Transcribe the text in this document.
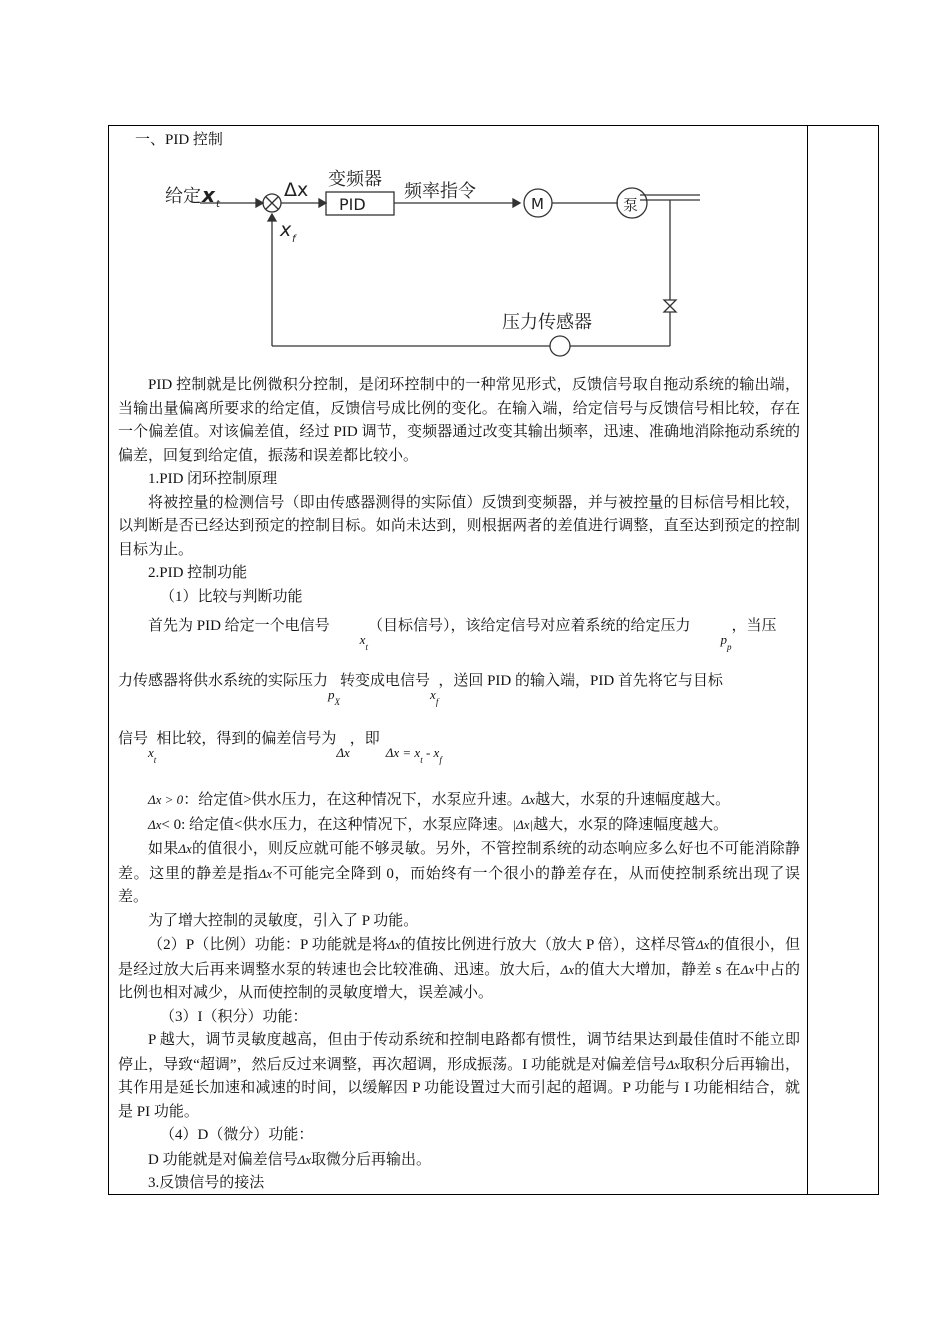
一、PID 控制
给定 x t
Δx 变频器
PID
频率指令
M	泵
x f
压力传感器

PID 控制就是比例微积分控制，是闭环控制中的一种常见形式，反馈信号取自拖动系统的输出端，当输出量偏离所要求的给定值，反馈信号成比例的变化。在输入端，给定信号与反馈信号相比较，存在一个偏差值。对该偏差值，经过 PID 调节，变频器通过改变其输出频率，迅速、准确地消除拖动系统的偏差，回复到给定值，振荡和误差都比较小。

1.PID 闭环控制原理

将被控量的检测信号（即由传感器测得的实际值）反馈到变频器，并与被控量的目标信号相比较，以判断是否已经达到预定的控制目标。如尚未达到，则根据两者的差值进行调整，直至达到预定的控制目标为止。

2.PID 控制功能

（1）比较与判断功能

首先为 PID 给定一个电信号$x_t$（目标信号），该给定信号对应着系统的给定压力$p_p$，当压

力传感器将供水系统的实际压力$p_X$转变成电信号$x_f$，送回 PID 的输入端，PID 首先将它与目标

信号$x_t$相比较，得到的偏差信号为Δx，即$\Delta x = x_t - x_f$

Δx > 0：给定值>供水压力，在这种情况下，水泵应升速。Δx越大，水泵的升速幅度越大。

Δx< 0: 给定值<供水压力，在这种情况下，水泵应降速。|Δx|越大，水泵的降速幅度越大。

如果Δx的值很小，则反应就可能不够灵敏。另外，不管控制系统的动态响应多么好也不可能消除静差。这里的静差是指Δx不可能完全降到 0，而始终有一个很小的静差存在，从而使控制系统出现了误差。

为了增大控制的灵敏度，引入了 P 功能。

（2）P（比例）功能：P 功能就是将Δx的值按比例进行放大（放大 P 倍），这样尽管Δx的值很小，但是经过放大后再来调整水泵的转速也会比较准确、迅速。放大后，Δx的值大大增加，静差 s 在Δx中占的比例也相对减少，从而使控制的灵敏度增大，误差减小。

（3）I（积分）功能：

P 越大，调节灵敏度越高，但由于传动系统和控制电路都有惯性，调节结果达到最佳值时不能立即停止，导致“超调”，然后反过来调整，再次超调，形成振荡。I 功能就是对偏差信号Δx取积分后再输出，其作用是延长加速和减速的时间，以缓解因 P 功能设置过大而引起的超调。P 功能与 I 功能相结合，就是 PI 功能。

（4）D（微分）功能：

D 功能就是对偏差信号Δx取微分后再输出。

3.反馈信号的接法
